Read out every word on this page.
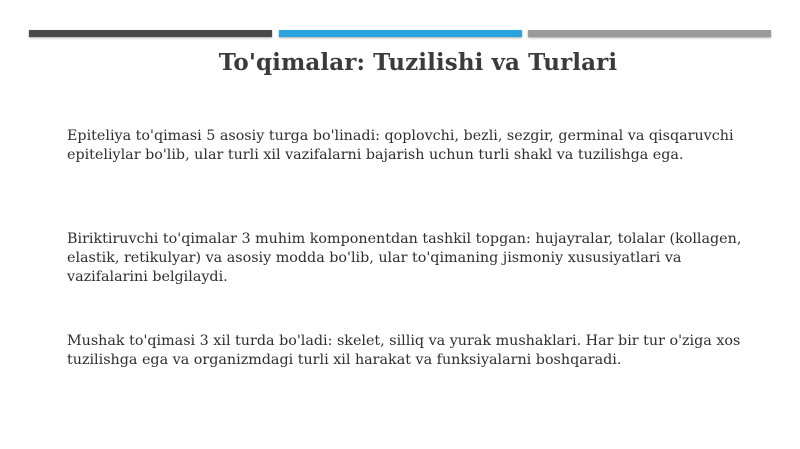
To'qimalar: Tuzilishi va Turlari
Epiteliya to'qimasi 5 asosiy turga bo'linadi: qoplovchi, bezli, sezgir, germinal va qisqaruvchi epiteliylar bo'lib, ular turli xil vazifalarni bajarish uchun turli shakl va tuzilishga ega.
Biriktiruvchi to'qimalar 3 muhim komponentdan tashkil topgan: hujayralar, tolalar (kollagen, elastik, retikulyar) va asosiy modda bo'lib, ular to'qimaning jismoniy xususiyatlari va vazifalarini belgilaydi.
Mushak to'qimasi 3 xil turda bo'ladi: skelet, silliq va yurak mushaklari. Har bir tur o'ziga xos tuzilishga ega va organizmdagi turli xil harakat va funksiyalarni boshqaradi.
